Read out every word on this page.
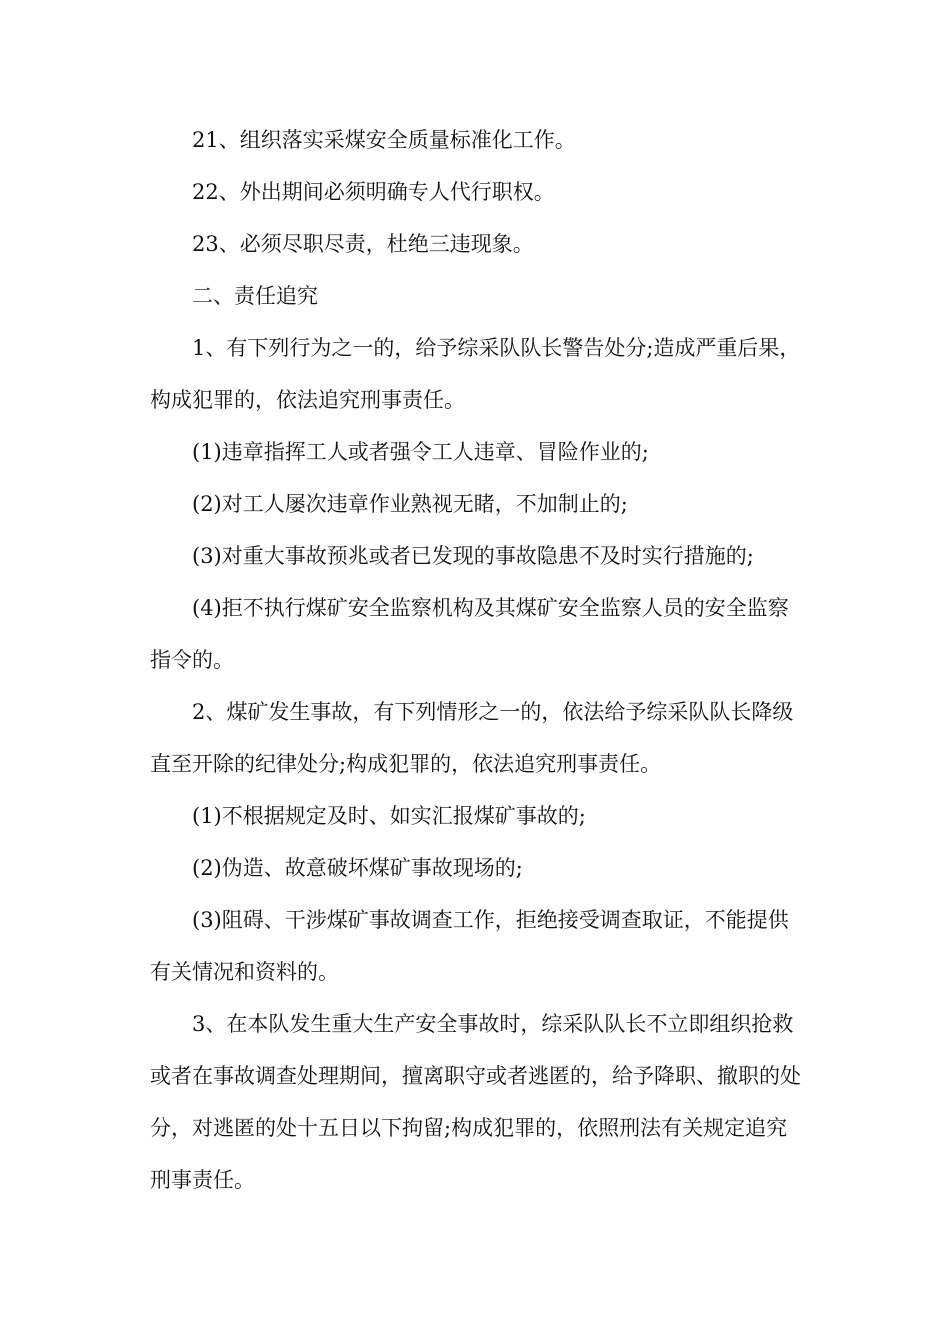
21、组织落实采煤安全质量标准化工作。

22、外出期间必须明确专人代行职权。

23、必须尽职尽责，杜绝三违现象。

二、责任追究

1、有下列行为之一的，给予综采队队长警告处分;造成严重后果，构成犯罪的，依法追究刑事责任。

(1)违章指挥工人或者强令工人违章、冒险作业的;

(2)对工人屡次违章作业熟视无睹，不加制止的;

(3)对重大事故预兆或者已发现的事故隐患不及时实行措施的;

(4)拒不执行煤矿安全监察机构及其煤矿安全监察人员的安全监察指令的。

2、煤矿发生事故，有下列情形之一的，依法给予综采队队长降级直至开除的纪律处分;构成犯罪的，依法追究刑事责任。

(1)不根据规定及时、如实汇报煤矿事故的;

(2)伪造、故意破坏煤矿事故现场的;

(3)阻碍、干涉煤矿事故调查工作，拒绝接受调查取证，不能提供有关情况和资料的。

3、在本队发生重大生产安全事故时，综采队队长不立即组织抢救或者在事故调查处理期间，擅离职守或者逃匿的，给予降职、撤职的处分，对逃匿的处十五日以下拘留;构成犯罪的，依照刑法有关规定追究刑事责任。
